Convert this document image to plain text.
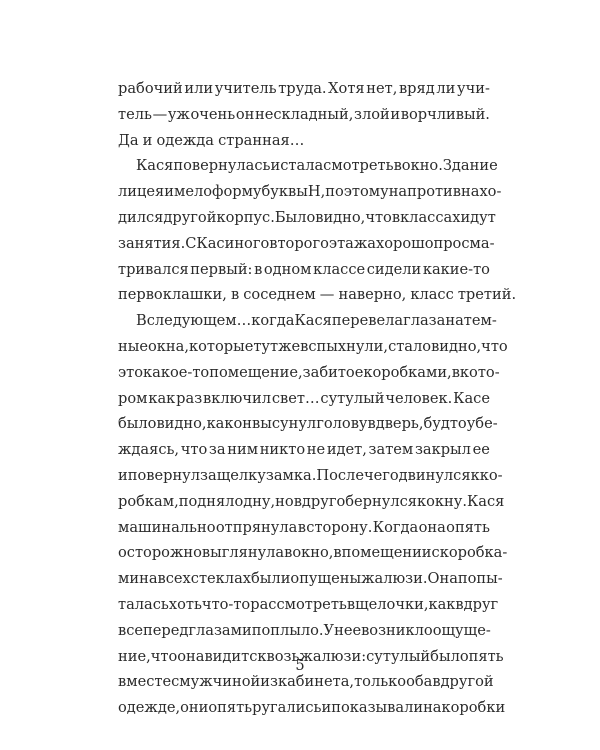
рабочий или учитель труда. Хотя нет, вряд ли учи-
тель — уж очень он нескладный, злой и ворчливый.
Да и одежда странная…
Кася повернулась и стала смотреть в окно. Здание
лицея имело форму буквы Н, поэтому напротив нахо-
дился другой корпус. Было видно, что в классах идут
занятия. С Касиного второго этажа хорошо просма-
тривался первый: в одном классе сидели какие-то
первоклашки, в соседнем — наверно, класс третий.
В следующем… когда Кася перевела глаза на тем-
ные окна, которые тут же вспыхнули, стало видно, что
это какое-то помещение, забитое коробками, в кото-
ром как раз включил свет… сутулый человек. Касе
было видно, как он высунул голову в дверь, будто убе-
ждаясь, что за ним никто не идет, затем закрыл ее
и повернул защелку замка. После чего двинулся к ко-
робкам, поднял одну, но вдруг обернулся к окну. Кася
машинально отпрянула в сторону. Когда она опять
осторожно выглянула в окно, в помещении с коробка-
ми на всех стеклах были опущены жалюзи. Она попы-
талась хоть что-то рассмотреть в щелочки, как вдруг
все перед глазами поплыло. У нее возникло ощуще-
ние, что она видит сквозь жалюзи: сутулый был опять
вместе с мужчиной из кабинета, только оба в другой
одежде, они опять ругались и показывали на коробки
5
